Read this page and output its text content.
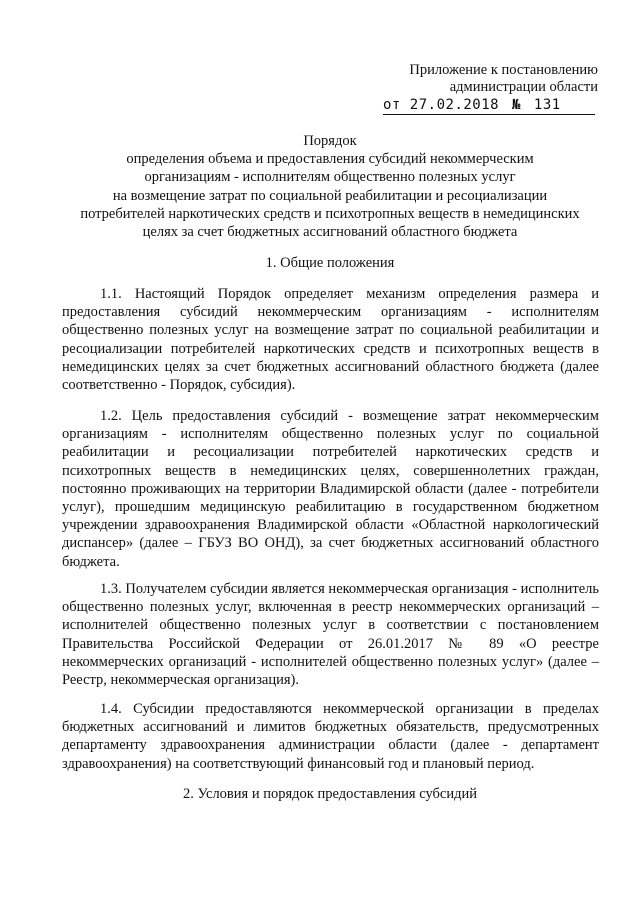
Приложение к постановлению
администрации области
от 27.02.2018 № 131
Порядок
определения объема и предоставления субсидий некоммерческим
организациям - исполнителям общественно полезных услуг
на возмещение затрат по социальной реабилитации и ресоциализации
потребителей наркотических средств и психотропных веществ в немедицинских
целях за счет бюджетных ассигнований областного бюджета
1. Общие положения

1.1. Настоящий Порядок определяет механизм определения размера и предоставления субсидий некоммерческим организациям - исполнителям общественно полезных услуг на возмещение затрат по социальной реабилитации и ресоциализации потребителей наркотических средств и психотропных веществ в немедицинских целях за счет бюджетных ассигнований областного бюджета (далее соответственно - Порядок, субсидия).

1.2. Цель предоставления субсидий - возмещение затрат некоммерческим организациям - исполнителям общественно полезных услуг по социальной реабилитации и ресоциализации потребителей наркотических средств и психотропных веществ в немедицинских целях, совершеннолетних граждан, постоянно проживающих на территории Владимирской области (далее - потребители услуг), прошедшим медицинскую реабилитацию в государственном бюджетном учреждении здравоохранения Владимирской области «Областной наркологический диспансер» (далее – ГБУЗ ВО ОНД), за счет бюджетных ассигнований областного бюджета.

1.3. Получателем субсидии является некоммерческая организация - исполнитель общественно полезных услуг, включенная в реестр некоммерческих организаций – исполнителей общественно полезных услуг в соответствии с постановлением Правительства Российской Федерации от 26.01.2017 № 89 «О реестре некоммерческих организаций - исполнителей общественно полезных услуг» (далее – Реестр, некоммерческая организация).

1.4. Субсидии предоставляются некоммерческой организации в пределах бюджетных ассигнований и лимитов бюджетных обязательств, предусмотренных департаменту здравоохранения администрации области (далее - департамент здравоохранения) на соответствующий финансовый год и плановый период.

2. Условия и порядок предоставления субсидий
